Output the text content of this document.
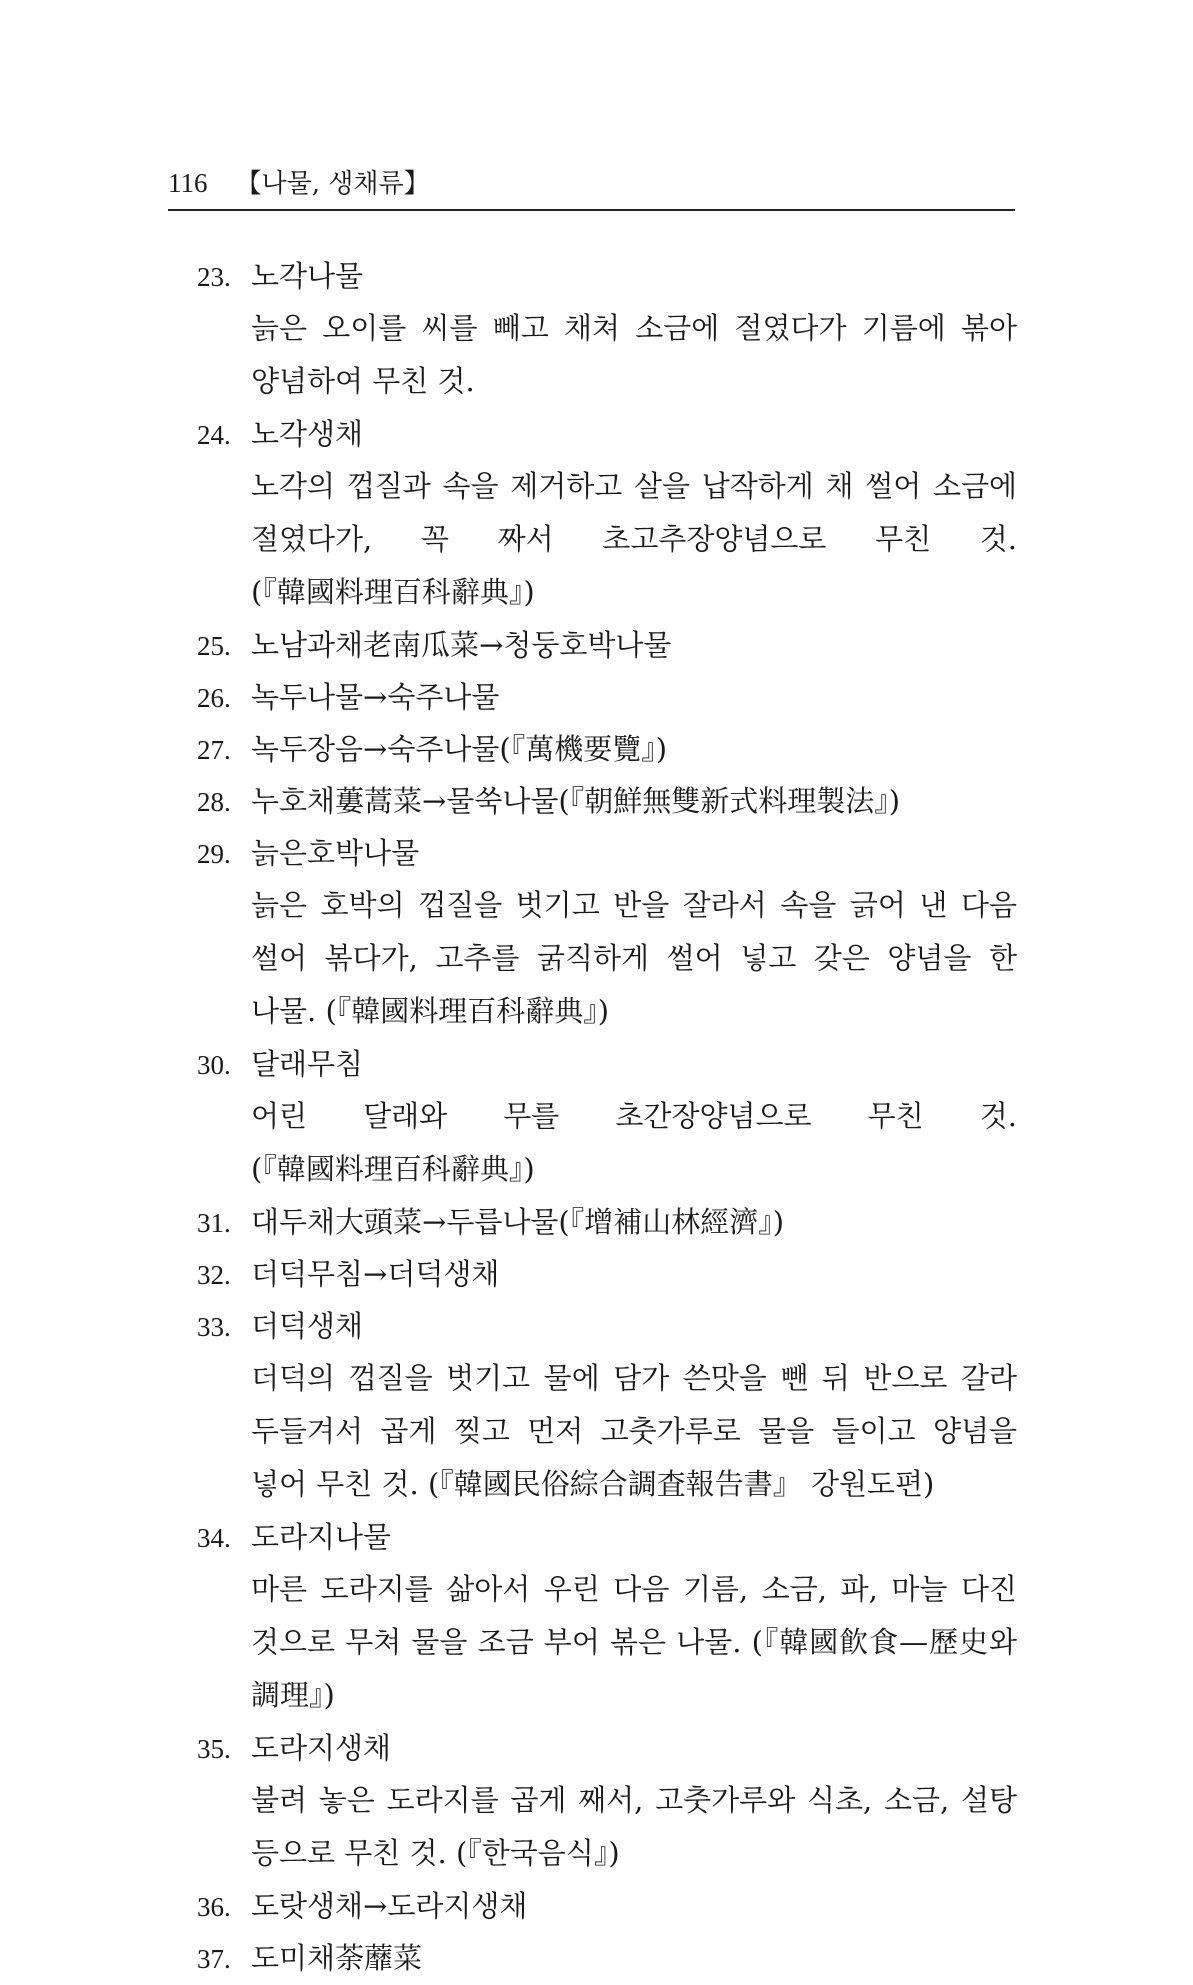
116 【나물, 생채류】
23. 노각나물

늙은 오이를 씨를 빼고 채쳐 소금에 절였다가 기름에 볶아 양념하여 무친 것.

24. 노각생채

노각의 껍질과 속을 제거하고 살을 납작하게 채 썰어 소금에 절였다가, 꼭 짜서 초고추장양념으로 무친 것. (『韓國料理百科辭典』)

25. 노남과채老南瓜菜→청둥호박나물
26. 녹두나물→숙주나물
27. 녹두장음→숙주나물(『萬機要覽』)
28. 누호채蔞蒿菜→물쑥나물(『朝鮮無雙新式料理製法』)
29. 늙은호박나물

늙은 호박의 껍질을 벗기고 반을 잘라서 속을 긁어 낸 다음 썰어 볶다가, 고추를 굵직하게 썰어 넣고 갖은 양념을 한 나물. (『韓國料理百科辭典』)

30. 달래무침

어린 달래와 무를 초간장양념으로 무친 것. (『韓國料理百科辭典』)

31. 대두채大頭菜→두릅나물(『增補山林經濟』)
32. 더덕무침→더덕생채
33. 더덕생채

더덕의 껍질을 벗기고 물에 담가 쓴맛을 뺀 뒤 반으로 갈라 두들겨서 곱게 찢고 먼저 고춧가루로 물을 들이고 양념을 넣어 무친 것. (『韓國民俗綜合調査報告書』 강원도편)

34. 도라지나물

마른 도라지를 삶아서 우린 다음 기름, 소금, 파, 마늘 다진 것으로 무쳐 물을 조금 부어 볶은 나물. (『韓國飮食—歷史와 調理』)

35. 도라지생채

불려 놓은 도라지를 곱게 째서, 고춧가루와 식초, 소금, 설탕 등으로 무친 것. (『한국음식』)

36. 도랏생채→도라지생채
37. 도미채荼蘼菜
